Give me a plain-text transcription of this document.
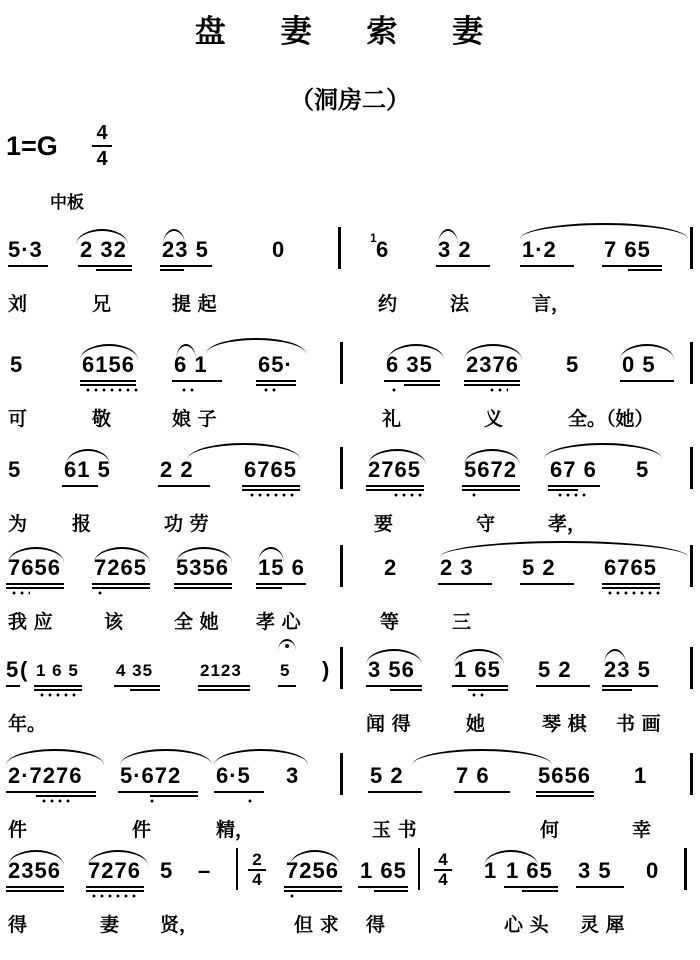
盘 妻 索 妻
（洞房二）
1=G 4
4
中板
5·3 2 32 23 5	0	1 6 3 2 1·2 7 65
刘	兄	提 起	约	法	言，
5	6156 6 1 65·	6 35 2376 5 0 5
可	敬	娘 子	礼	义	全。（她）
5 61 5 2 2 6765	2765 5672 67 6 5
为 报	功 劳	要	守	孝，
7656 7265 5356 15 6	2 2 3 5 2 6765
我 应	该	全 她 孝 心	等	三
5 ( 1 6 5 4 35	2123 5 ) 3 56 1 65 5 2 23 5
年。	闻 得	她	琴 棋 书 画
2·7276 5·672 6·5 3	5 2 7 6 5656 1
件	件	精，	玉 书	何	幸
2356 7276 5 – 2
4 7256 1 65 4
4 1 1 65 3 5 0
得	妻 贤，	但 求 得	心 头 灵 犀
